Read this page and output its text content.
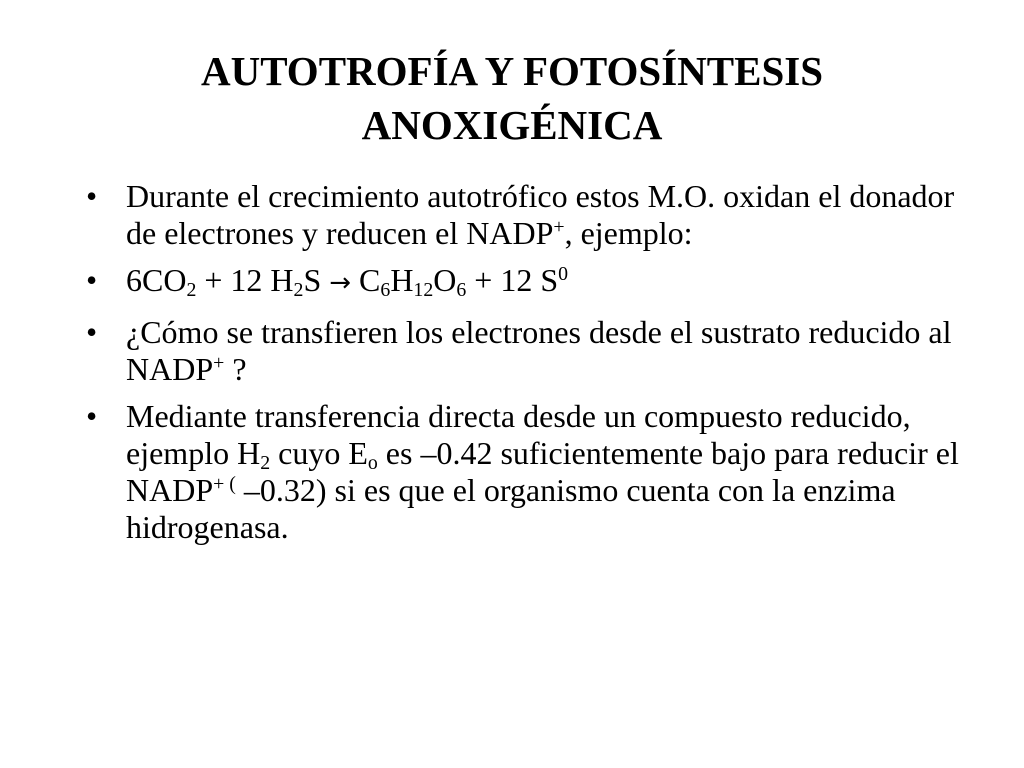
AUTOTROFÍA Y FOTOSÍNTESIS
ANOXIGÉNICA
• Durante el crecimiento autotrófico estos M.O. oxidan el donador de electrones y reducen el NADP+, ejemplo:
• $6CO_2 + 12$ $H_2S \to C_6H_{12}O_6 + 12$ $S^0$
• ¿Cómo se transfieren los electrones desde el sustrato reducido al NADP+ ?
• Mediante transferencia directa desde un compuesto reducido, ejemplo $H_2$ cuyo $E_o$ es –0.42 suficientemente bajo para reducir el NADP+ ( –0.32) si es que el organismo cuenta con la enzima hidrogenasa.
